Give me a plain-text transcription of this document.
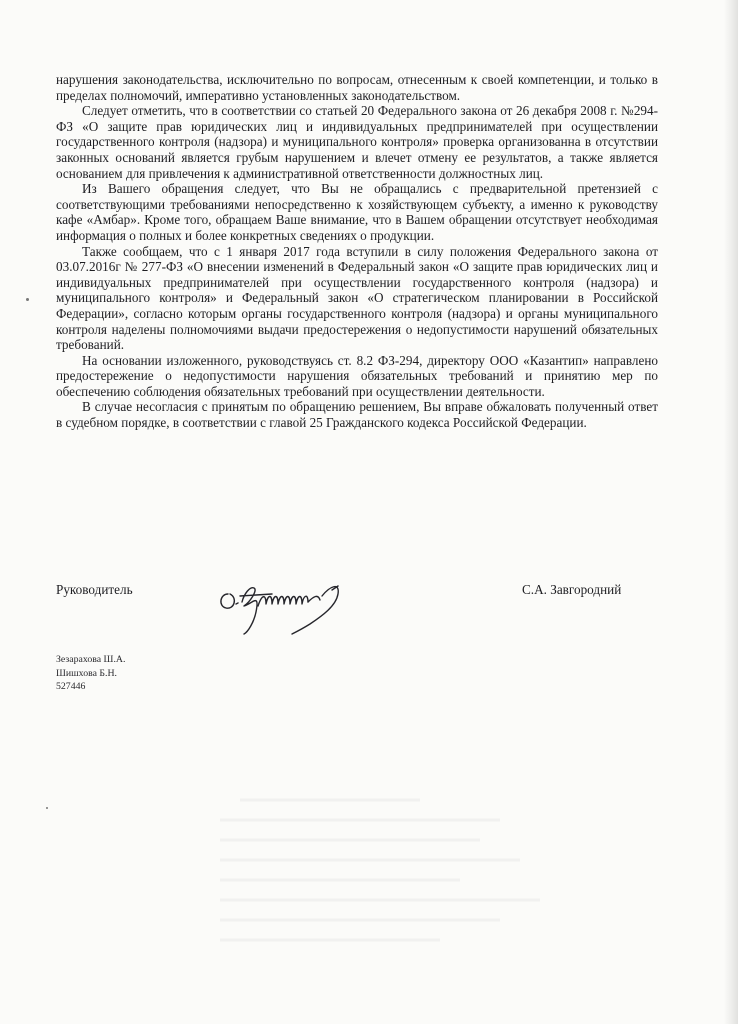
нарушения законодательства, исключительно по вопросам, отнесенным к своей компетенции, и только в пределах полномочий, императивно установленных законодательством.

Следует отметить, что в соответствии со статьей 20 Федерального закона от 26 декабря 2008 г. №294-ФЗ «О защите прав юридических лиц и индивидуальных предпринимателей при осуществлении государственного контроля (надзора) и муниципального контроля» проверка организованна в отсутствии законных оснований является грубым нарушением и влечет отмену ее результатов, а также является основанием для привлечения к административной ответственности должностных лиц.

Из Вашего обращения следует, что Вы не обращались с предварительной претензией с соответствующими требованиями непосредственно к хозяйствующем субъекту, а именно к руководству кафе «Амбар». Кроме того, обращаем Ваше внимание, что в Вашем обращении отсутствует необходимая информация о полных и более конкретных сведениях о продукции.

Также сообщаем, что с 1 января 2017 года вступили в силу положения Федерального закона от 03.07.2016г № 277-ФЗ «О внесении изменений в Федеральный закон «О защите прав юридических лиц и индивидуальных предпринимателей при осуществлении государственного контроля (надзора) и муниципального контроля» и Федеральный закон «О стратегическом планировании в Российской Федерации», согласно которым органы государственного контроля (надзора) и органы муниципального контроля наделены полномочиями выдачи предостережения о недопустимости нарушений обязательных требований.

На основании изложенного, руководствуясь ст. 8.2 ФЗ-294, директору ООО «Казантип» направлено предостережение о недопустимости нарушения обязательных требований и принятию мер по обеспечению соблюдения обязательных требований при осуществлении деятельности.

В случае несогласия с принятым по обращению решением, Вы вправе обжаловать полученный ответ в судебном порядке, в соответствии с главой 25 Гражданского кодекса Российской Федерации.

Руководитель	С.А. Завгородний
Зезарахова Ш.А.
Шишхова Б.Н.
527446
